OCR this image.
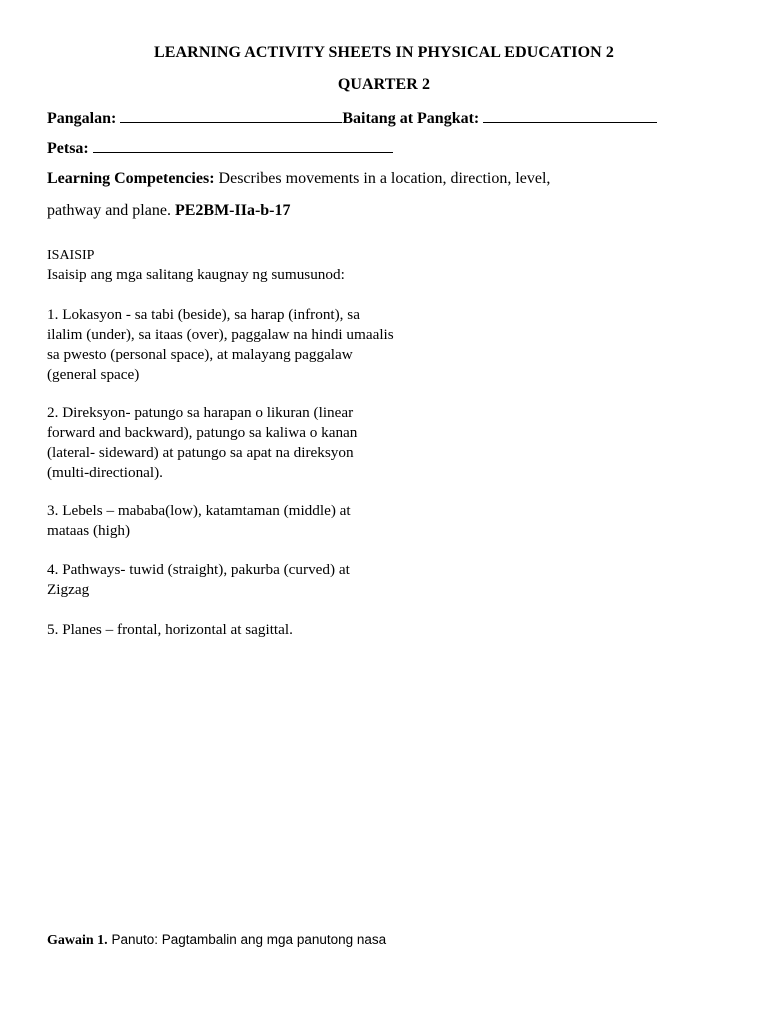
LEARNING ACTIVITY SHEETS IN PHYSICAL EDUCATION 2
QUARTER 2
Pangalan:	Baitang at Pangkat:
Petsa:
Learning Competencies: Describes movements in a location, direction, level,
pathway and plane. PE2BM-IIa-b-17
ISAISIP
Isaisip ang mga salitang kaugnay ng sumusunod:
1. Lokasyon - sa tabi (beside), sa harap (infront), sa
ilalim (under), sa itaas (over), paggalaw na hindi umaalis
sa pwesto (personal space), at malayang paggalaw
(general space)
2. Direksyon- patungo sa harapan o likuran (linear
forward and backward), patungo sa kaliwa o kanan
(lateral- sideward) at patungo sa apat na direksyon
(multi-directional).
3. Lebels – mababa(low), katamtaman (middle) at
mataas (high)
4. Pathways- tuwid (straight), pakurba (curved) at
Zigzag
5. Planes – frontal, horizontal at sagittal.
Gawain 1. Panuto: Pagtambalin ang mga panutong nasa
